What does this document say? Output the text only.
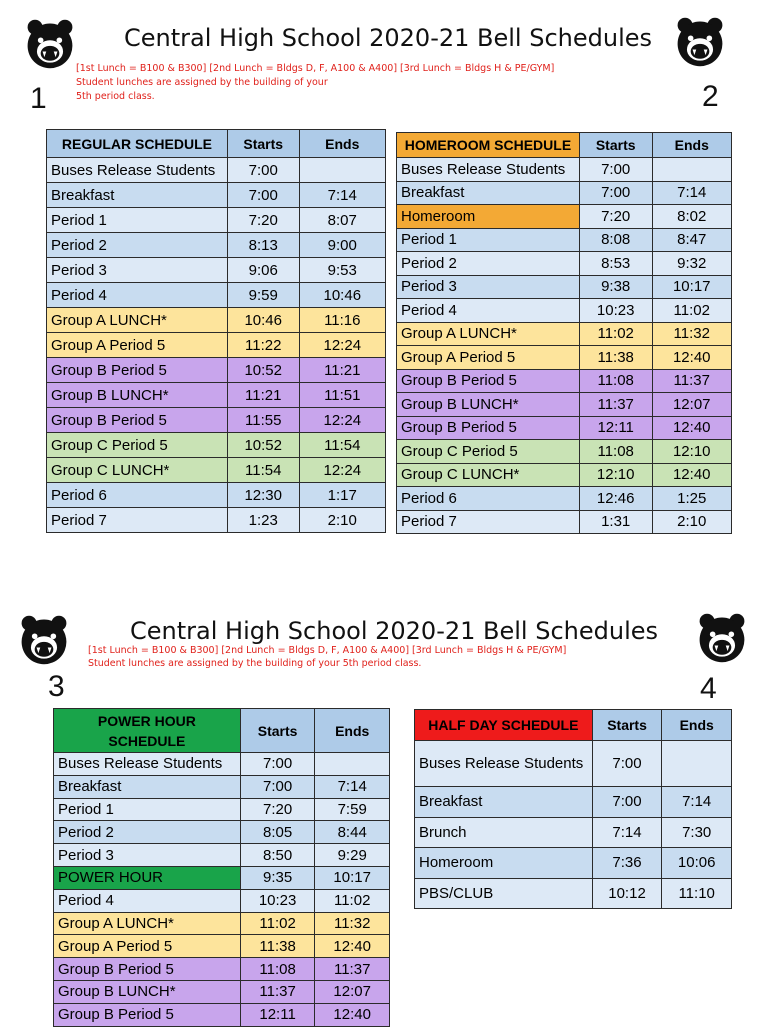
1	2
3	4
Central High School 2020-21 Bell Schedules
[1st Lunch = B100 & B300] [2nd Lunch = Bldgs D, F, A100 & A400] [3rd Lunch = Bldgs H & PE/GYM]
Student lunches are assigned by the building of your
5th period class.
Central High School 2020-21 Bell Schedules
[1st Lunch = B100 & B300] [2nd Lunch = Bldgs D, F, A100 & A400] [3rd Lunch = Bldgs H & PE/GYM]
Student lunches are assigned by the building of your 5th period class.
REGULAR SCHEDULE	Starts	Ends
Buses Release Students	7:00	
Breakfast	7:00	7:14
Period 1	7:20	8:07
Period 2	8:13	9:00
Period 3	9:06	9:53
Period 4	9:59	10:46
Group A LUNCH*	10:46	11:16
Group A Period 5	11:22	12:24
Group B Period 5	10:52	11:21
Group B LUNCH*	11:21	11:51
Group B Period 5	11:55	12:24
Group C Period 5	10:52	11:54
Group C LUNCH*	11:54	12:24
Period 6	12:30	1:17
Period 7	1:23	2:10
HOMEROOM SCHEDULE	Starts	Ends
Buses Release Students	7:00	
Breakfast	7:00	7:14
Homeroom	7:20	8:02
Period 1	8:08	8:47
Period 2	8:53	9:32
Period 3	9:38	10:17
Period 4	10:23	11:02
Group A LUNCH*	11:02	11:32
Group A Period 5	11:38	12:40
Group B Period 5	11:08	11:37
Group B LUNCH*	11:37	12:07
Group B Period 5	12:11	12:40
Group C Period 5	11:08	12:10
Group C LUNCH*	12:10	12:40
Period 6	12:46	1:25
Period 7	1:31	2:10
POWER HOUR SCHEDULE	Starts	Ends
Buses Release Students	7:00	
Breakfast	7:00	7:14
Period 1	7:20	7:59
Period 2	8:05	8:44
Period 3	8:50	9:29
POWER HOUR	9:35	10:17
Period 4	10:23	11:02
Group A LUNCH*	11:02	11:32
Group A Period 5	11:38	12:40
Group B Period 5	11:08	11:37
Group B LUNCH*	11:37	12:07
Group B Period 5	12:11	12:40
HALF DAY SCHEDULE	Starts	Ends
Buses Release Students	7:00	
Breakfast	7:00	7:14
Brunch	7:14	7:30
Homeroom	7:36	10:06
PBS/CLUB	10:12	11:10
